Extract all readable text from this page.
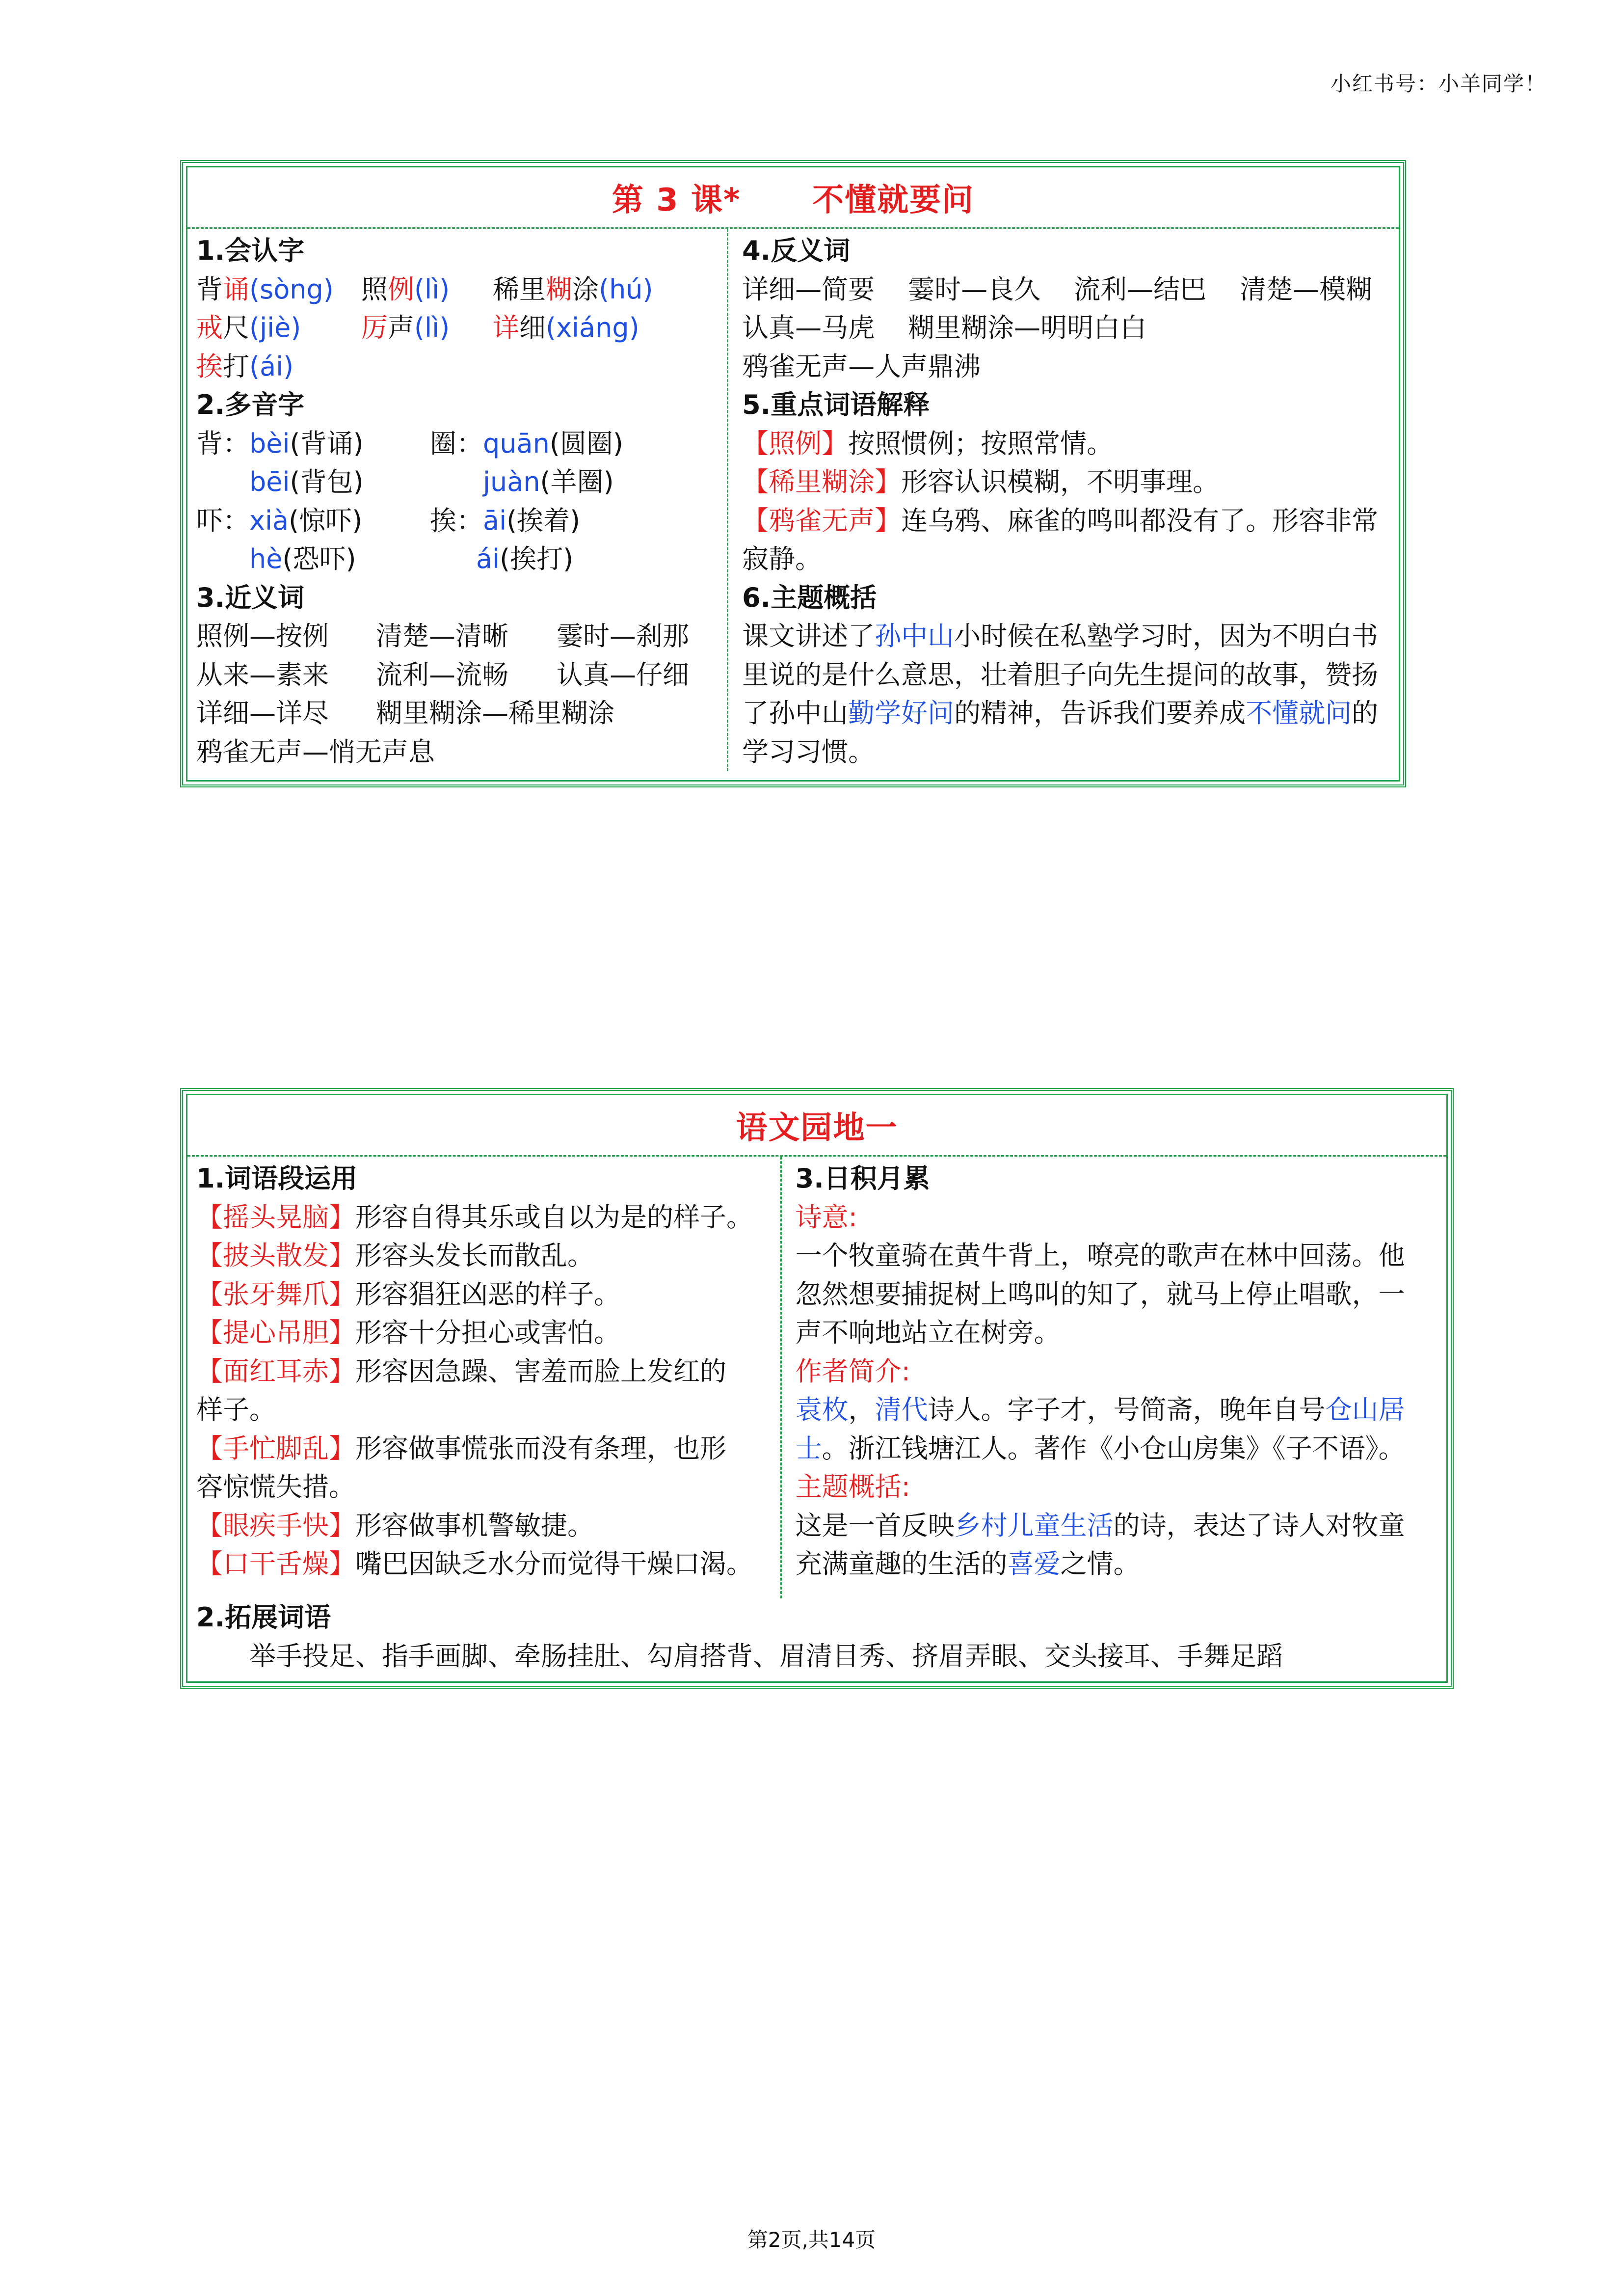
小红书号：小羊同学！
第 3 课*      不懂就要问
1.会认字
背诵(sòng)	照例(lì)	稀里糊涂(hú)
戒尺(jiè)	厉声(lì)	详细(xiáng)
挨打(ái)
2.多音字
背：bèi(背诵)	圈：quān(圆圈)
bēi(背包)	juàn(羊圈)
吓：xià(惊吓)	挨：āi(挨着)
hè(恐吓)	ái(挨打)
3.近义词
照例—按例	清楚—清晰	霎时—刹那
从来—素来	流利—流畅	认真—仔细
详细—详尽	糊里糊涂—稀里糊涂
鸦雀无声—悄无声息
4.反义词
详细—简要	霎时—良久	流利—结巴	清楚—模糊
认真—马虎	糊里糊涂—明明白白
鸦雀无声—人声鼎沸
5.重点词语解释
【照例】按照惯例；按照常情。
【稀里糊涂】形容认识模糊，不明事理。
【鸦雀无声】连乌鸦、麻雀的鸣叫都没有了。形容非常
寂静。
6.主题概括
课文讲述了孙中山小时候在私塾学习时，因为不明白书
里说的是什么意思，壮着胆子向先生提问的故事，赞扬
了孙中山勤学好问的精神，告诉我们要养成不懂就问的
学习习惯。
语文园地一
1.词语段运用
【摇头晃脑】形容自得其乐或自以为是的样子。
【披头散发】形容头发长而散乱。
【张牙舞爪】形容猖狂凶恶的样子。
【提心吊胆】形容十分担心或害怕。
【面红耳赤】形容因急躁、害羞而脸上发红的
样子。
【手忙脚乱】形容做事慌张而没有条理，也形
容惊慌失措。
【眼疾手快】形容做事机警敏捷。
【口干舌燥】嘴巴因缺乏水分而觉得干燥口渴。
3.日积月累
诗意:
一个牧童骑在黄牛背上，嘹亮的歌声在林中回荡。他
忽然想要捕捉树上鸣叫的知了，就马上停止唱歌，一
声不响地站立在树旁。
作者简介:
袁枚，清代诗人。字子才，号简斋，晚年自号仓山居
士。浙江钱塘江人。著作《小仓山房集》《子不语》。
主题概括:
这是一首反映乡村儿童生活的诗，表达了诗人对牧童
充满童趣的生活的喜爱之情。
2.拓展词语
举手投足、指手画脚、牵肠挂肚、勾肩搭背、眉清目秀、挤眉弄眼、交头接耳、手舞足蹈
第2页,共14页
